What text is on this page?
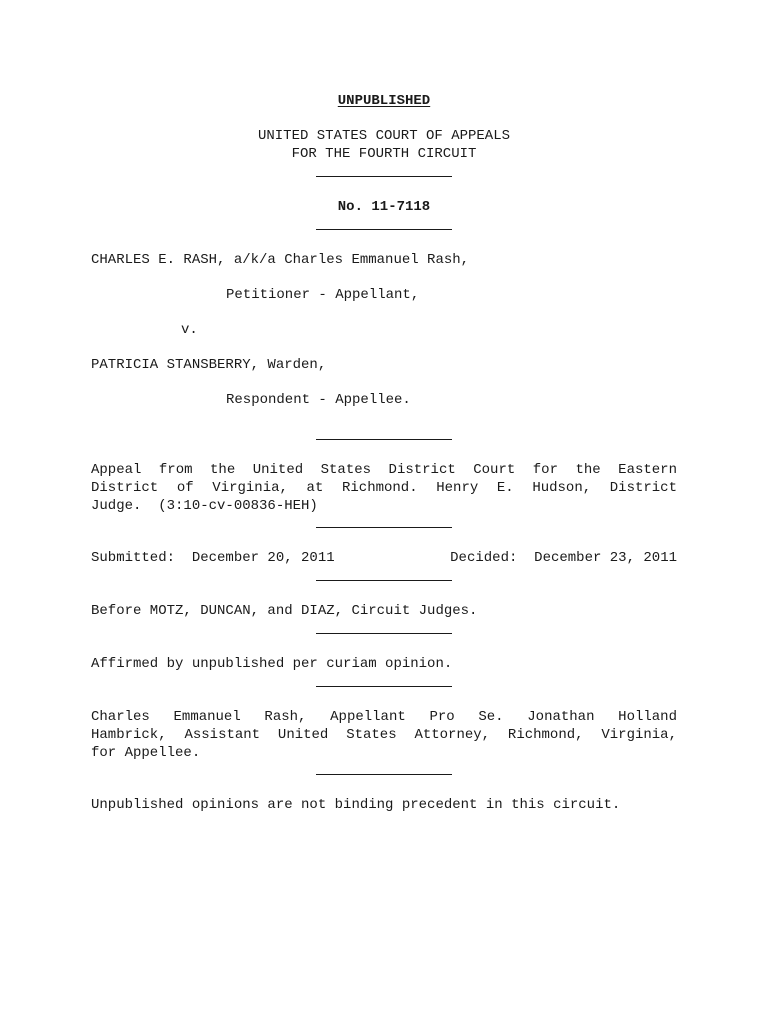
UNPUBLISHED
UNITED STATES COURT OF APPEALS
FOR THE FOURTH CIRCUIT
No. 11-7118
CHARLES E. RASH, a/k/a Charles Emmanuel Rash,
Petitioner - Appellant,
v.
PATRICIA STANSBERRY, Warden,
Respondent - Appellee.
Appeal from the United States District Court for the Eastern
District of Virginia, at Richmond. Henry E. Hudson, District
Judge.  (3:10-cv-00836-HEH)
Submitted:  December 20, 2011	Decided:  December 23, 2011
Before MOTZ, DUNCAN, and DIAZ, Circuit Judges.
Affirmed by unpublished per curiam opinion.
Charles Emmanuel Rash, Appellant Pro Se. Jonathan Holland
Hambrick, Assistant United States Attorney, Richmond, Virginia,
for Appellee.
Unpublished opinions are not binding precedent in this circuit.
